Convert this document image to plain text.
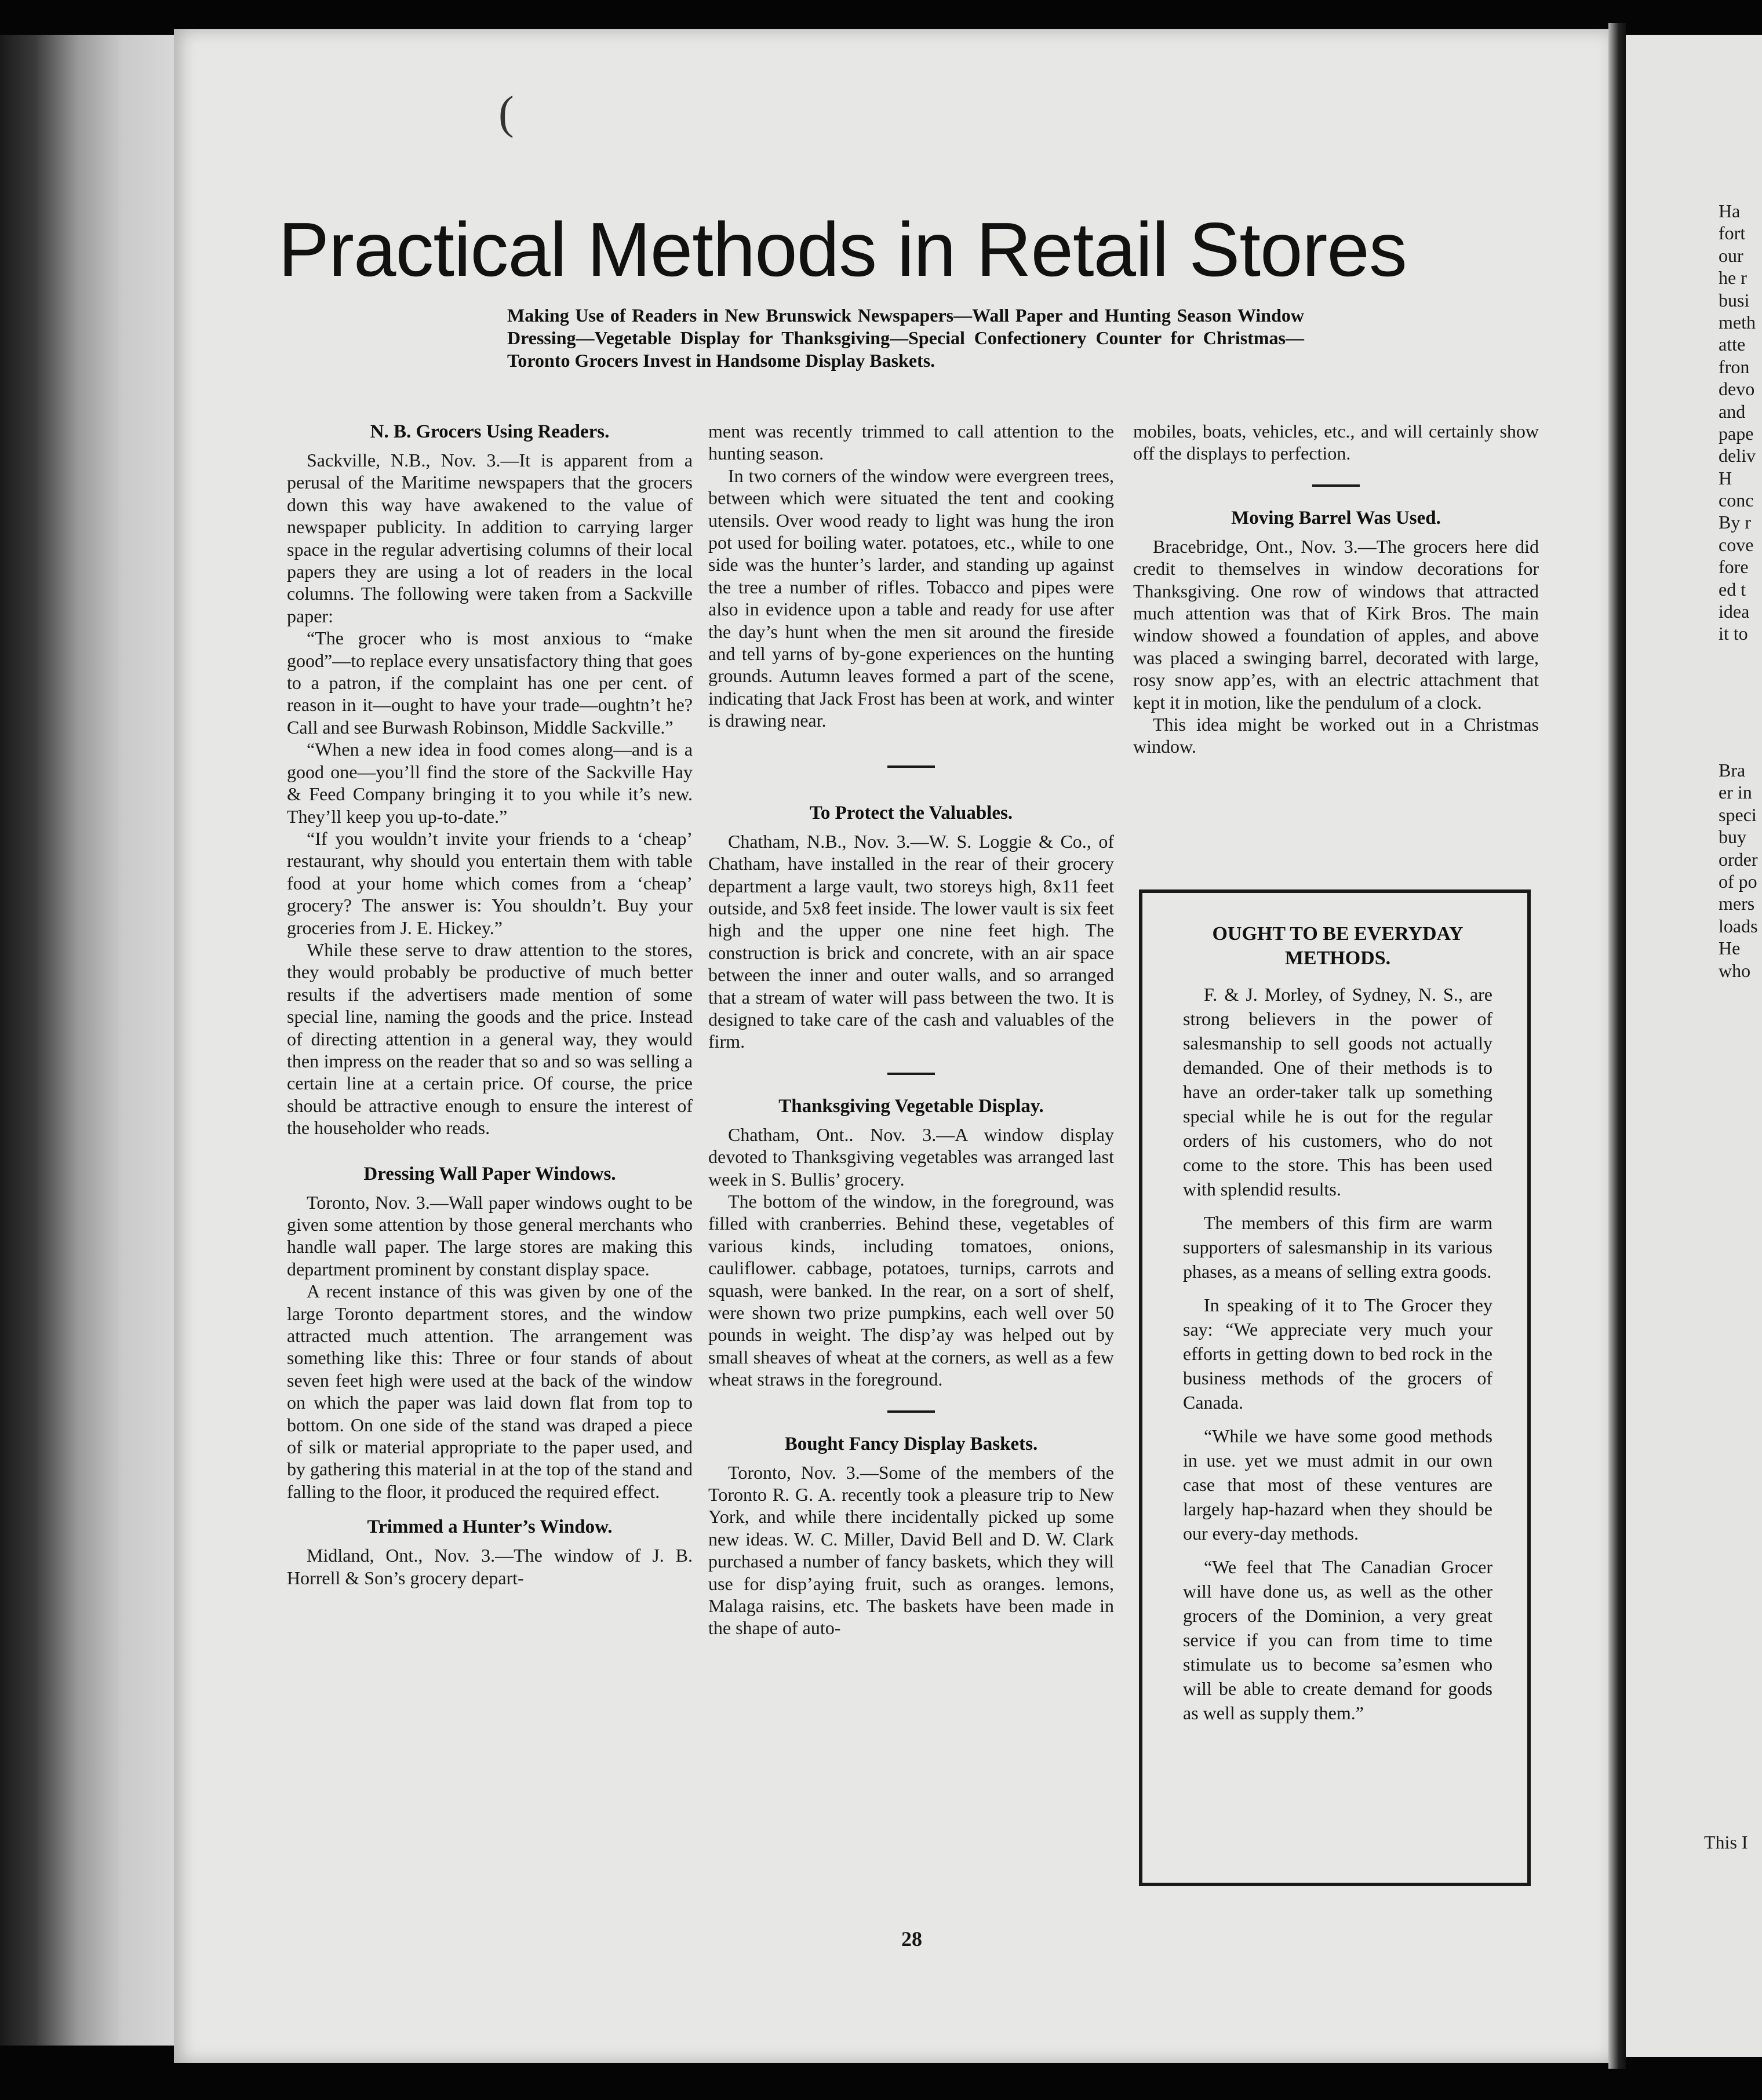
(
Practical Methods in Retail Stores
Making Use of Readers in New Brunswick Newspapers—Wall Paper and Hunting Season Window Dressing—Vegetable Display for Thanksgiving—Special Confectionery Counter for Christmas—Toronto Grocers Invest in Handsome Display Baskets.
N. B. Grocers Using Readers.

Sackville, N.B., Nov. 3.—It is apparent from a perusal of the Maritime newspapers that the grocers down this way have awakened to the value of newspaper publicity. In addition to carrying larger space in the regular advertising columns of their local papers they are using a lot of readers in the local columns. The following were taken from a Sackville paper:

“The grocer who is most anxious to “make good”—to replace every unsatisfactory thing that goes to a patron, if the complaint has one per cent. of reason in it—ought to have your trade—oughtn’t he? Call and see Burwash Robinson, Middle Sackville.”

“When a new idea in food comes along—and is a good one—you’ll find the store of the Sackville Hay & Feed Company bringing it to you while it’s new. They’ll keep you up-to-date.”

“If you wouldn’t invite your friends to a ‘cheap’ restaurant, why should you entertain them with table food at your home which comes from a ‘cheap’ grocery? The answer is: You shouldn’t. Buy your groceries from J. E. Hickey.”

While these serve to draw attention to the stores, they would probably be productive of much better results if the advertisers made mention of some special line, naming the goods and the price. Instead of directing attention in a general way, they would then impress on the reader that so and so was selling a certain line at a certain price. Of course, the price should be attractive enough to ensure the interest of the householder who reads.

Dressing Wall Paper Windows.

Toronto, Nov. 3.—Wall paper windows ought to be given some attention by those general merchants who handle wall paper. The large stores are making this department prominent by constant display space.

A recent instance of this was given by one of the large Toronto department stores, and the window attracted much attention. The arrangement was something like this: Three or four stands of about seven feet high were used at the back of the window on which the paper was laid down flat from top to bottom. On one side of the stand was draped a piece of silk or material appropriate to the paper used, and by gathering this material in at the top of the stand and falling to the floor, it produced the required effect.

Trimmed a Hunter’s Window.

Midland, Ont., Nov. 3.—The window of J. B. Horrell & Son’s grocery depart-

ment was recently trimmed to call attention to the hunting season.

In two corners of the window were evergreen trees, between which were situated the tent and cooking utensils. Over wood ready to light was hung the iron pot used for boiling water. potatoes, etc., while to one side was the hunter’s larder, and standing up against the tree a number of rifles. Tobacco and pipes were also in evidence upon a table and ready for use after the day’s hunt when the men sit around the fireside and tell yarns of by-gone experiences on the hunting grounds. Autumn leaves formed a part of the scene, indicating that Jack Frost has been at work, and winter is drawing near.

To Protect the Valuables.

Chatham, N.B., Nov. 3.—W. S. Loggie & Co., of Chatham, have installed in the rear of their grocery department a large vault, two storeys high, 8x11 feet outside, and 5x8 feet inside. The lower vault is six feet high and the upper one nine feet high. The construction is brick and concrete, with an air space between the inner and outer walls, and so arranged that a stream of water will pass between the two. It is designed to take care of the cash and valuables of the firm.

Thanksgiving Vegetable Display.

Chatham, Ont.. Nov. 3.—A window display devoted to Thanksgiving vegetables was arranged last week in S. Bullis’ grocery.

The bottom of the window, in the foreground, was filled with cranberries. Behind these, vegetables of various kinds, including tomatoes, onions, cauliflower. cabbage, potatoes, turnips, carrots and squash, were banked. In the rear, on a sort of shelf, were shown two prize pumpkins, each well over 50 pounds in weight. The disp’ay was helped out by small sheaves of wheat at the corners, as well as a few wheat straws in the foreground.

Bought Fancy Display Baskets.

Toronto, Nov. 3.—Some of the members of the Toronto R. G. A. recently took a pleasure trip to New York, and while there incidentally picked up some new ideas. W. C. Miller, David Bell and D. W. Clark purchased a number of fancy baskets, which they will use for disp’aying fruit, such as oranges. lemons, Malaga raisins, etc. The baskets have been made in the shape of auto-

mobiles, boats, vehicles, etc., and will certainly show off the displays to perfection.

Moving Barrel Was Used.

Bracebridge, Ont., Nov. 3.—The grocers here did credit to themselves in window decorations for Thanksgiving. One row of windows that attracted much attention was that of Kirk Bros. The main window showed a foundation of apples, and above was placed a swinging barrel, decorated with large, rosy snow app’es, with an electric attachment that kept it in motion, like the pendulum of a clock.

This idea might be worked out in a Christmas window.

OUGHT TO BE EVERYDAY METHODS.

F. & J. Morley, of Sydney, N. S., are strong believers in the power of salesmanship to sell goods not actually demanded. One of their methods is to have an order-taker talk up something special while he is out for the regular orders of his customers, who do not come to the store. This has been used with splendid results.

The members of this firm are warm supporters of salesmanship in its various phases, as a means of selling extra goods.

In speaking of it to The Grocer they say: “We appreciate very much your efforts in getting down to bed rock in the business methods of the grocers of Canada.

“While we have some good methods in use. yet we must admit in our own case that most of these ventures are largely hap-hazard when they should be our every-day methods.

“We feel that The Canadian Grocer will have done us, as well as the other grocers of the Dominion, a very great service if you can from time to time stimulate us to become sa’esmen who will be able to create demand for goods as well as supply them.”

28
Ha
fort
our
he r
busi
meth
atte
fron
devo
and
pape
deliv
H
conc
By r
cove
fore
ed t
idea
it to
Bra
er in
speci
buy
order
of po
mers
loads
He
who
This I
